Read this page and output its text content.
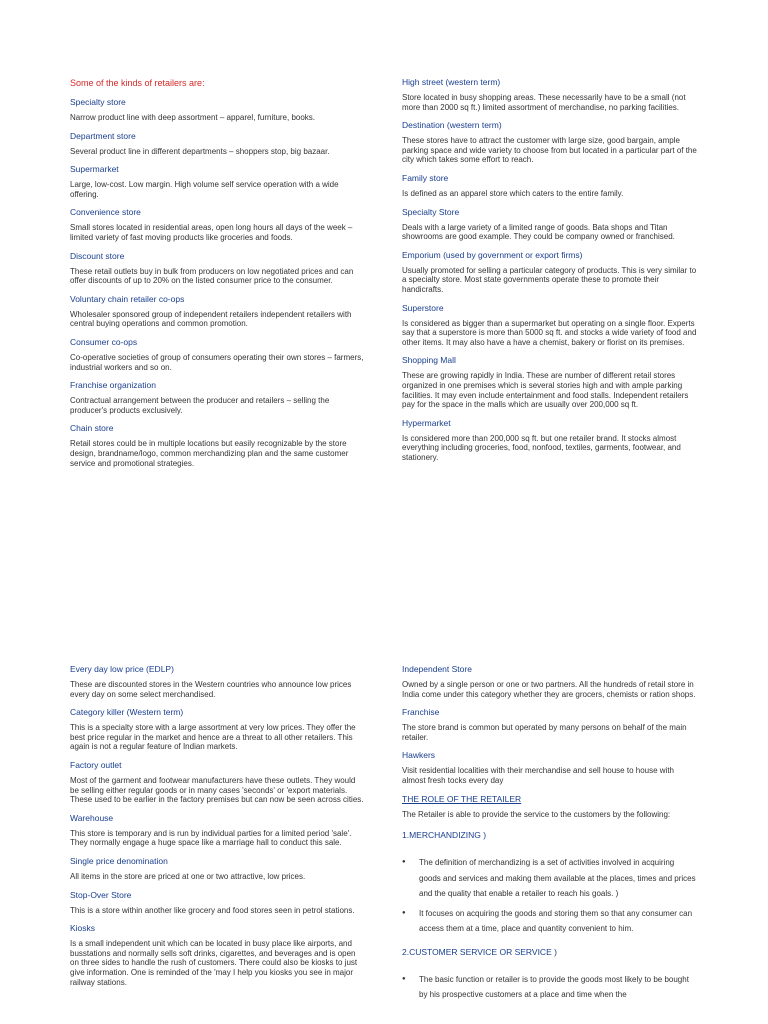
Some of the kinds of retailers are:
Specialty store
Narrow product line with deep assortment – apparel, furniture, books.
Department store
Several product line in different departments – shoppers stop, big bazaar.
Supermarket
Large, low-cost. Low margin. High volume self service operation with a wide offering.
Convenience store
Small stores located in residential areas, open long hours all days of the week – limited variety of fast moving products like groceries and foods.
Discount store
These retail outlets buy in bulk from producers on low negotiated prices and can offer discounts of up to 20% on the listed consumer price to the consumer.
Voluntary chain retailer co-ops
Wholesaler sponsored group of independent retailers independent retailers with central buying operations and common promotion.
Consumer co-ops
Co-operative societies of group of consumers operating their own stores – farmers, industrial workers and so on.
Franchise organization
Contractual arrangement between the producer and retailers – selling the producer's products exclusively.
Chain store
Retail stores could be in multiple locations but easily recognizable by the store design, brandname/logo, common merchandizing plan and the same customer service and promotional strategies.
High street (western term)
Store located in busy shopping areas. These necessarily have to be a small (not more than 2000 sq ft.) limited assortment of merchandise, no parking facilities.
Destination (western term)
These stores have to attract the customer with large size, good bargain, ample parking space and wide variety to choose from but located in a particular part of the city which takes some effort to reach.
Family store
Is defined as an apparel store which caters to the entire family.
Specialty Store
Deals with a large variety of a limited range of goods. Bata shops and Titan showrooms are good example. They could be company owned or franchised.
Emporium (used by government or export firms)
Usually promoted for selling a particular category of products. This is very similar to a specialty store. Most state governments operate these to promote their handicrafts.
Superstore
Is considered as bigger than a supermarket but operating on a single floor. Experts say that a superstore is more than 5000 sq ft. and stocks a wide variety of food and other items. It may also have a have a chemist, bakery or florist on its premises.
Shopping Mall
These are growing rapidly in India. These are number of different retail stores organized in one premises which is several stories high and with ample parking facilities. It may even include entertainment and food stalls. Independent retailers pay for the space in the malls which are usually over 200,000 sq ft.
Hypermarket
Is considered more than 200,000 sq ft. but one retailer brand. It stocks almost everything including groceries, food, nonfood, textiles, garments, footwear, and stationery.
Every day low price (EDLP)
These are discounted stores in the Western countries who announce low prices every day on some select merchandised.
Category killer (Western term)
This is a specialty store with a large assortment at very low prices. They offer the best price regular in the market and hence are a threat to all other retailers. This again is not a regular feature of Indian markets.
Factory outlet
Most of the garment and footwear manufacturers have these outlets. They would be selling either regular goods or in many cases 'seconds' or 'export materials. These used to be earlier in the factory premises but can now be seen across cities.
Warehouse
This store is temporary and is run by individual parties for a limited period 'sale'. They normally engage a huge space like a marriage hall to conduct this sale.
Single price denomination
All items in the store are priced at one or two attractive, low prices.
Stop-Over Store
This is a store within another like grocery and food stores seen in petrol stations.
Kiosks
Is a small independent unit which can be located in busy place like airports, and busstations and normally sells soft drinks, cigarettes, and beverages and is open on three sides to handle the rush of customers. There could also be kiosks to just give information. One is reminded of the 'may I help you kiosks you see in major railway stations.
Independent Store
Owned by a single person or one or two partners. All the hundreds of retail store in India come under this category whether they are grocers, chemists or ration shops.
Franchise
The store brand is common but operated by many persons on behalf of the main retailer.
Hawkers
Visit residential localities with their merchandise and sell house to house with almost fresh tocks every day
THE ROLE OF THE RETAILER
The Retailer is able to provide the service to the customers by the following:
1.MERCHANDIZING )
● The definition of merchandizing is a set of activities involved in acquiring goods and services and making them available at the places, times and prices and the quality that enable a retailer to reach his goals. )
● It focuses on acquiring the goods and storing them so that any consumer can access them at a time, place and quantity convenient to him.
2.CUSTOMER SERVICE OR SERVICE )
● The basic function or retailer is to provide the goods most likely to be bought by his prospective customers at a place and time when the
